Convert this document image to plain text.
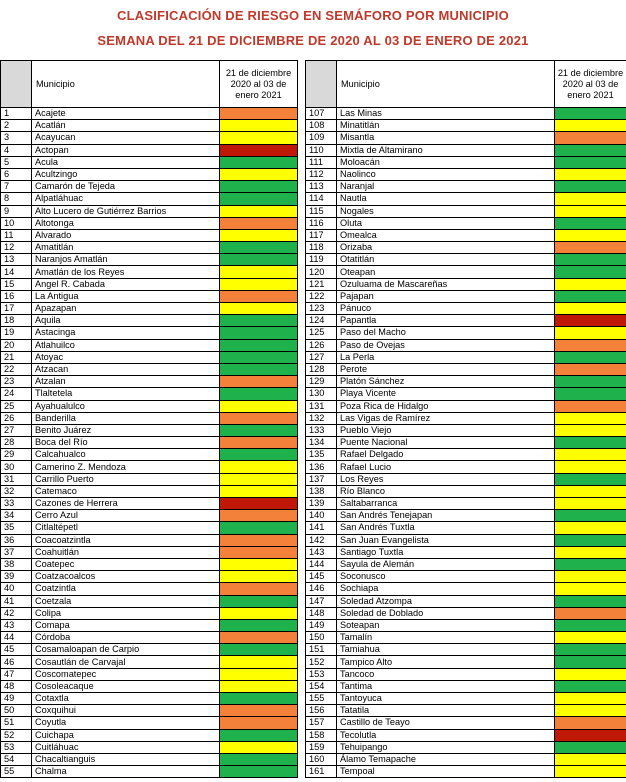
CLASIFICACIÓN DE RIESGO EN SEMÁFORO POR MUNICIPIO
SEMANA DEL 21 DE DICIEMBRE DE 2020 AL 03 DE ENERO DE 2021
	Municipio	21 de diciembre 2020 al 03 de enero 2021
1	Acajete	
2	Acatlán	
3	Acayucan	
4	Actopan	
5	Acula	
6	Acultzingo	
7	Camarón de Tejeda	
8	Alpatláhuac	
9	Alto Lucero de Gutiérrez Barrios	
10	Altotonga	
11	Alvarado	
12	Amatitlán	
13	Naranjos Amatlán	
14	Amatlán de los Reyes	
15	Angel R. Cabada	
16	La Antigua	
17	Apazapan	
18	Aquila	
19	Astacinga	
20	Atlahuilco	
21	Atoyac	
22	Atzacan	
23	Atzalan	
24	Tlaltetela	
25	Ayahualulco	
26	Banderilla	
27	Benito Juárez	
28	Boca del Río	
29	Calcahualco	
30	Camerino Z. Mendoza	
31	Carrillo Puerto	
32	Catemaco	
33	Cazones de Herrera	
34	Cerro Azul	
35	Citlaltépetl	
36	Coacoatzintla	
37	Coahuitlán	
38	Coatepec	
39	Coatzacoalcos	
40	Coatzintla	
41	Coetzala	
42	Colipa	
43	Comapa	
44	Córdoba	
45	Cosamaloapan de Carpio	
46	Cosautlán de Carvajal	
47	Coscomatepec	
48	Cosoleacaque	
49	Cotaxtla	
50	Coxquihui	
51	Coyutla	
52	Cuichapa	
53	Cuitláhuac	
54	Chacaltianguis	
55	Chalma	
	Municipio	21 de diciembre 2020 al 03 de enero 2021
107	Las Minas	
108	Minatitlán	
109	Misantla	
110	Mixtla de Altamirano	
111	Moloacán	
112	Naolinco	
113	Naranjal	
114	Nautla	
115	Nogales	
116	Oluta	
117	Omealca	
118	Orizaba	
119	Otatitlán	
120	Oteapan	
121	Ozuluama de Mascareñas	
122	Pajapan	
123	Pánuco	
124	Papantla	
125	Paso del Macho	
126	Paso de Ovejas	
127	La Perla	
128	Perote	
129	Platón Sánchez	
130	Playa Vicente	
131	Poza Rica de Hidalgo	
132	Las Vigas de Ramírez	
133	Pueblo Viejo	
134	Puente Nacional	
135	Rafael Delgado	
136	Rafael Lucio	
137	Los Reyes	
138	Río Blanco	
139	Saltabarranca	
140	San Andrés Tenejapan	
141	San Andrés Tuxtla	
142	San Juan Evangelista	
143	Santiago Tuxtla	
144	Sayula de Alemán	
145	Soconusco	
146	Sochiapa	
147	Soledad Atzompa	
148	Soledad de Doblado	
149	Soteapan	
150	Tamalín	
151	Tamiahua	
152	Tampico Alto	
153	Tancoco	
154	Tantima	
155	Tantoyuca	
156	Tatatila	
157	Castillo de Teayo	
158	Tecolutla	
159	Tehuipango	
160	Álamo Temapache	
161	Tempoal	
